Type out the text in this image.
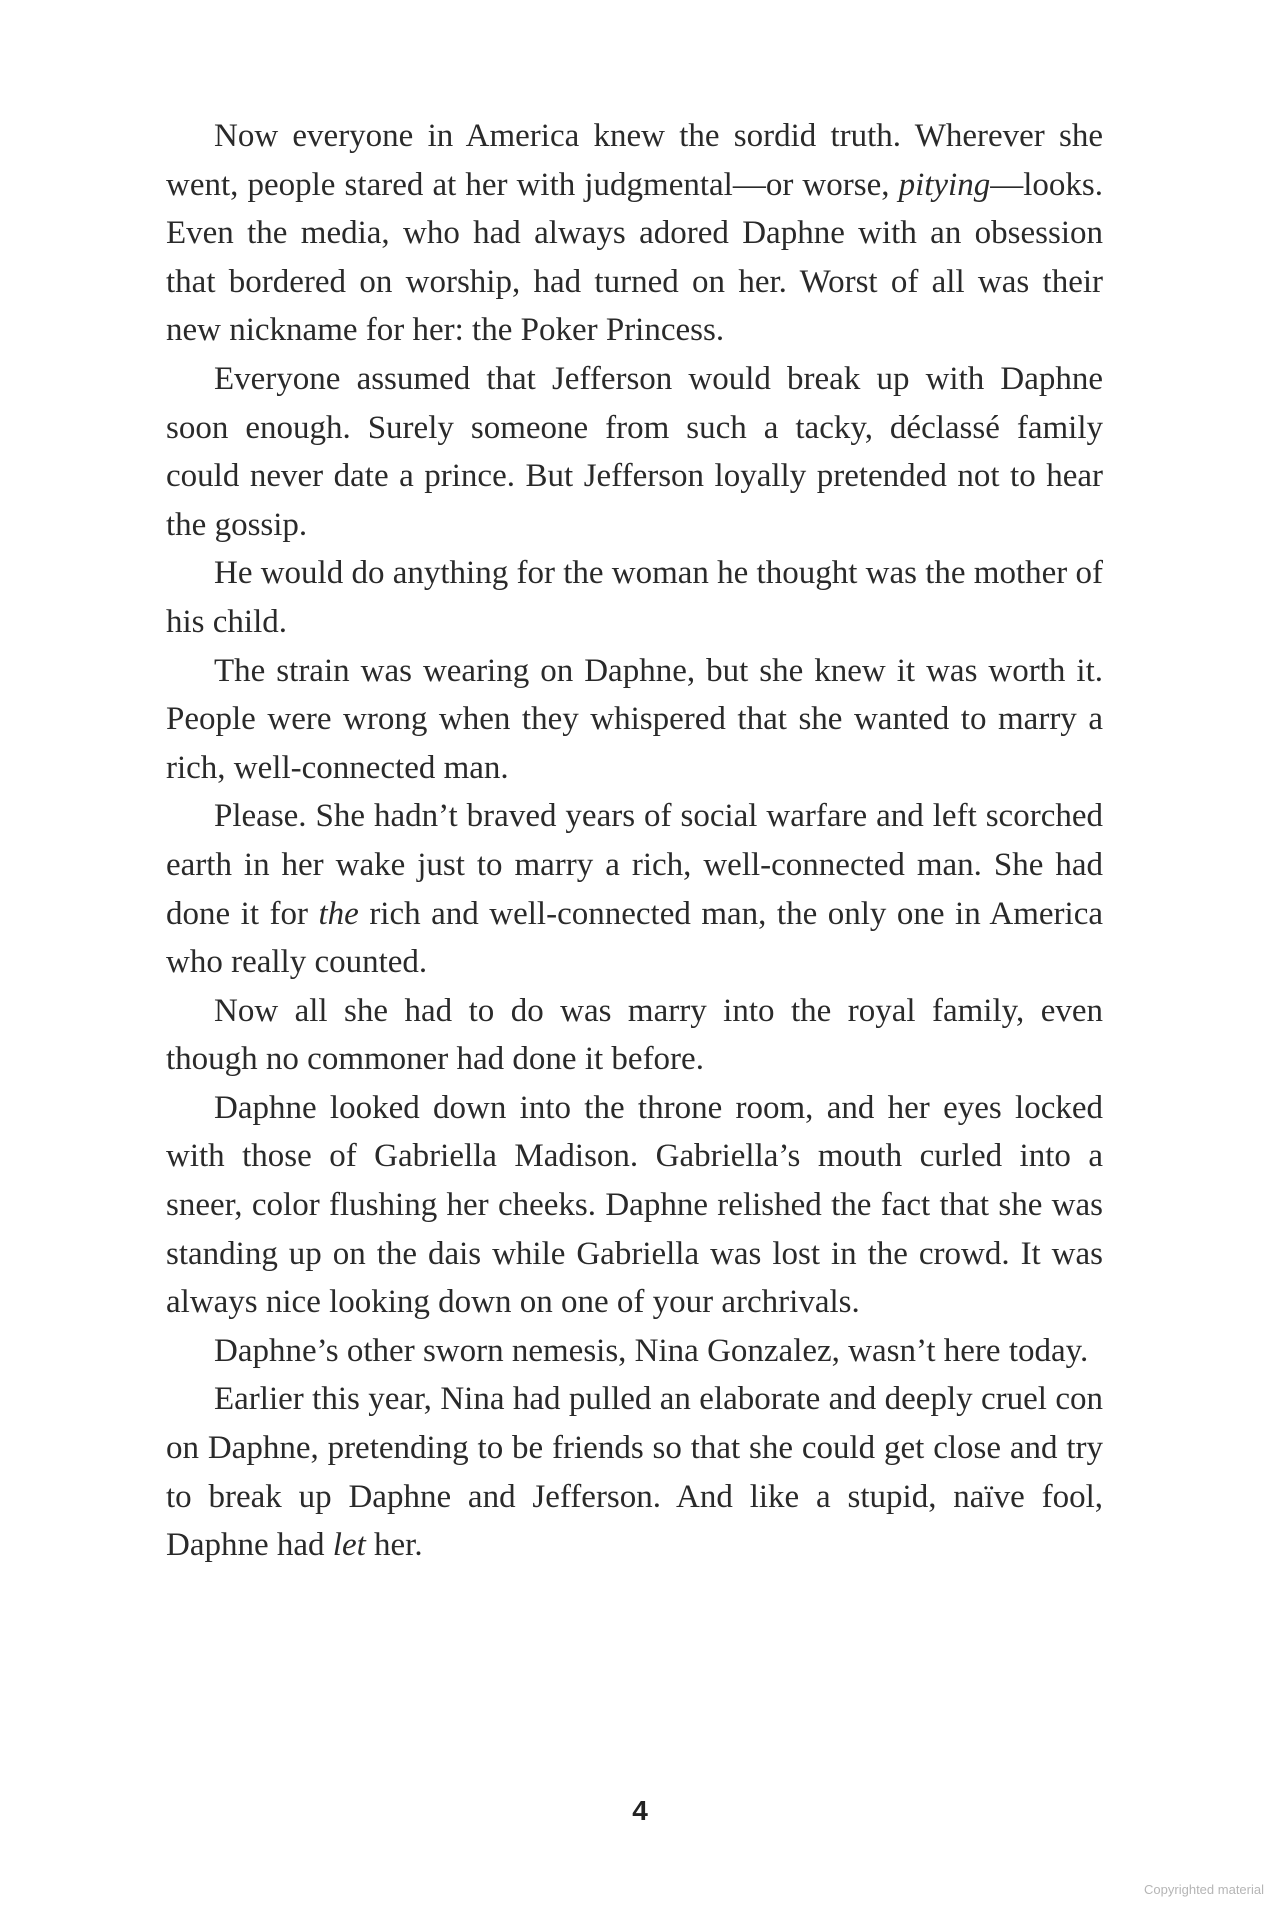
Now everyone in America knew the sordid truth. Wherever she went, people stared at her with judgmental—or worse, pitying—looks. Even the media, who had always adored Daphne with an obsession that bordered on worship, had turned on her. Worst of all was their new nickname for her: the Poker Princess.

Everyone assumed that Jefferson would break up with Daphne soon enough. Surely someone from such a tacky, déclassé family could never date a prince. But Jefferson loyally pretended not to hear the gossip.

He would do anything for the woman he thought was the mother of his child.

The strain was wearing on Daphne, but she knew it was worth it. People were wrong when they whispered that she wanted to marry a rich, well-connected man.

Please. She hadn’t braved years of social warfare and left scorched earth in her wake just to marry a rich, well-connected man. She had done it for the rich and well-connected man, the only one in America who really counted.

Now all she had to do was marry into the royal family, even though no commoner had done it before.

Daphne looked down into the throne room, and her eyes locked with those of Gabriella Madison. Gabriella’s mouth curled into a sneer, color flushing her cheeks. Daphne relished the fact that she was standing up on the dais while Gabriella was lost in the crowd. It was always nice looking down on one of your archrivals.

Daphne’s other sworn nemesis, Nina Gonzalez, wasn’t here today.

Earlier this year, Nina had pulled an elaborate and deeply cruel con on Daphne, pretending to be friends so that she could get close and try to break up Daphne and Jefferson. And like a stupid, naïve fool, Daphne had let her.

4
Copyrighted material
